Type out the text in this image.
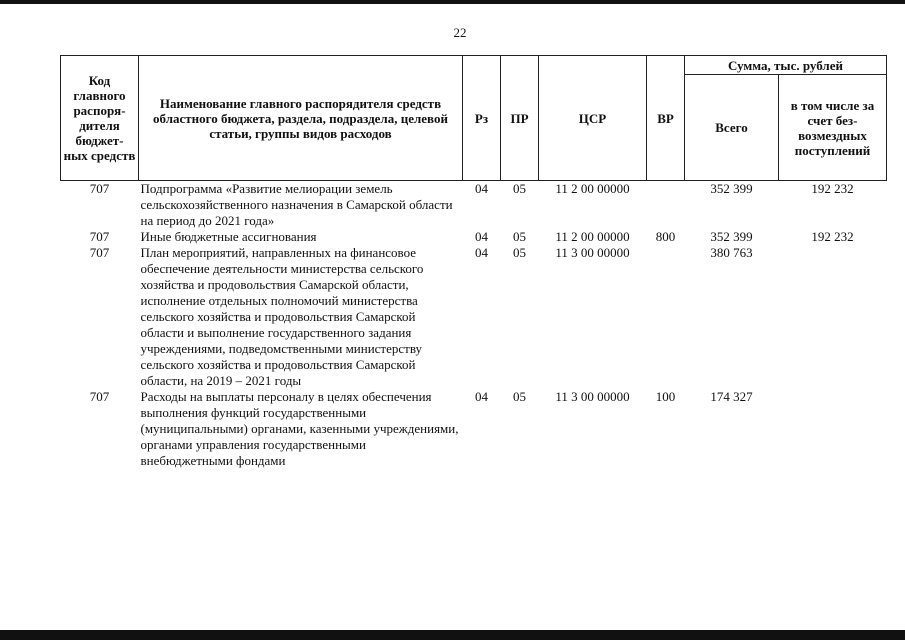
22
Код главного распоря- дителя бюджет- ных средств	Наименование главного распорядителя средств областного бюджета, раздела, подраздела, целевой статьи, группы видов расходов	Рз	ПР	ЦСР	ВР	Сумма, тыс. рублей	
						Всего	в том числе за счет без- возмездных поступлений
707	Подпрограмма «Развитие мелиорации земель сельскохозяйственного назначения в Самарской области на период до 2021 года»	04	05	11 2 00 00000		352 399	192 232
707	Иные бюджетные ассигнования	04	05	11 2 00 00000	800	352 399	192 232
707	План мероприятий, направленных на финансовое обеспечение деятельности министерства сельского хозяйства и продовольствия Самарской области, исполнение отдельных полномочий министерства сельского хозяйства и продовольствия Самарской области и выполнение государственного задания учреждениями, подведомственными министерству сельского хозяйства и продовольствия Самарской области, на 2019 – 2021 годы	04	05	11 3 00 00000		380 763	
707	Расходы на выплаты персоналу в целях обеспечения выполнения функций государственными (муниципальными) органами, казенными учреждениями, органами управления государственными внебюджетными фондами	04	05	11 3 00 00000	100	174 327	
